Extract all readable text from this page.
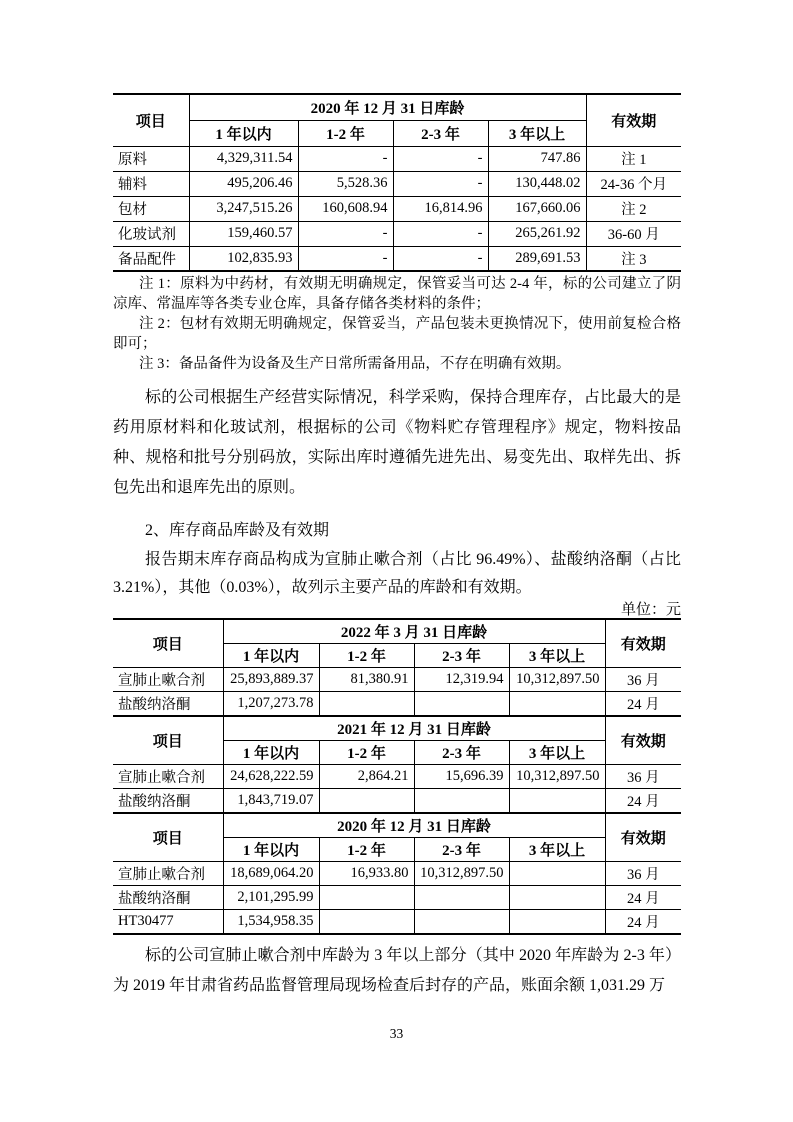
项目	2020 年 12 月 31 日库龄				有效期
	1 年以内	1-2 年	2-3 年	3 年以上	
原料	4,329,311.54	-	-	747.86	注 1
辅料	495,206.46	5,528.36	-	130,448.02	24-36 个月
包材	3,247,515.26	160,608.94	16,814.96	167,660.06	注 2
化玻试剂	159,460.57	-	-	265,261.92	36-60 月
备品配件	102,835.93	-	-	289,691.53	注 3

注 1：原料为中药材，有效期无明确规定，保管妥当可达 2-4 年，标的公司建立了阴凉库、常温库等各类专业仓库，具备存储各类材料的条件；

注 2：包材有效期无明确规定，保管妥当，产品包装未更换情况下，使用前复检合格即可；

注 3：备品备件为设备及生产日常所需备用品，不存在明确有效期。

标的公司根据生产经营实际情况，科学采购，保持合理库存，占比最大的是药用原材料和化玻试剂，根据标的公司《物料贮存管理程序》规定，物料按品种、规格和批号分别码放，实际出库时遵循先进先出、易变先出、取样先出、拆包先出和退库先出的原则。

2、库存商品库龄及有效期

报告期末库存商品构成为宣肺止嗽合剂（占比 96.49%）、盐酸纳洛酮（占比 3.21%），其他（0.03%），故列示主要产品的库龄和有效期。

单位：元
项目	2022 年 3 月 31 日库龄				有效期
	1 年以内	1-2 年	2-3 年	3 年以上	
宣肺止嗽合剂	25,893,889.37	81,380.91	12,319.94	10,312,897.50	36 月
盐酸纳洛酮	1,207,273.78				24 月
项目	2021 年 12 月 31 日库龄				有效期
	1 年以内	1-2 年	2-3 年	3 年以上	
宣肺止嗽合剂	24,628,222.59	2,864.21	15,696.39	10,312,897.50	36 月
盐酸纳洛酮	1,843,719.07				24 月
项目	2020 年 12 月 31 日库龄				有效期
	1 年以内	1-2 年	2-3 年	3 年以上	
宣肺止嗽合剂	18,689,064.20	16,933.80	10,312,897.50		36 月
盐酸纳洛酮	2,101,295.99				24 月
HT30477	1,534,958.35				24 月

标的公司宣肺止嗽合剂中库龄为 3 年以上部分（其中 2020 年库龄为 2-3 年）为 2019 年甘肃省药品监督管理局现场检查后封存的产品，账面余额 1,031.29 万

33
